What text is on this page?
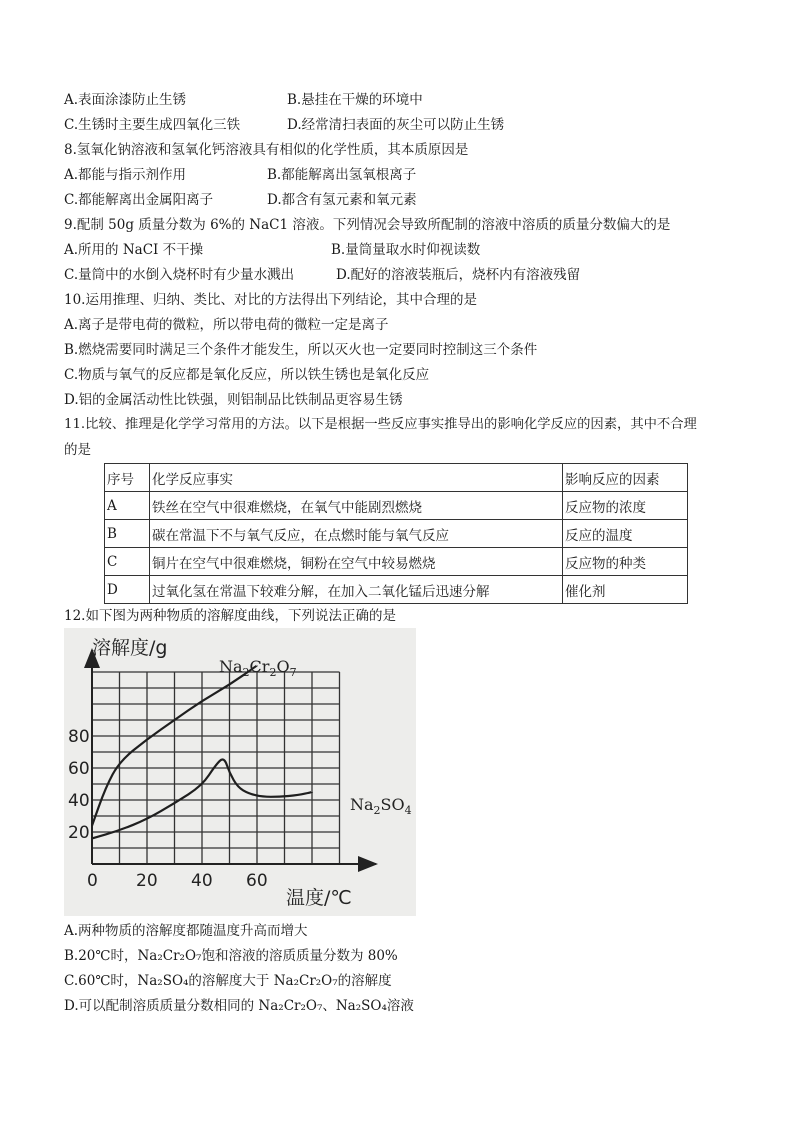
A.表面涂漆防止生锈	B.悬挂在干燥的环境中
C.生锈时主要生成四氧化三铁	D.经常清扫表面的灰尘可以防止生锈
8.氢氧化钠溶液和氢氧化钙溶液具有相似的化学性质，其本质原因是
A.都能与指示剂作用	B.都能解离出氢氧根离子
C.都能解离出金属阳离子	D.都含有氢元素和氧元素
9.配制 50g 质量分数为 6%的 NaC1 溶液。下列情况会导致所配制的溶液中溶质的质量分数偏大的是
A.所用的 NaCI 不干操	B.量筒量取水时仰视读数
C.量筒中的水倒入烧杯时有少量水溅出	D.配好的溶液装瓶后，烧杯内有溶液残留
10.运用推理、归纳、类比、对比的方法得出下列结论，其中合理的是
A.离子是带电荷的微粒，所以带电荷的微粒一定是离子
B.燃烧需要同时满足三个条件才能发生，所以灭火也一定要同时控制这三个条件
C.物质与氧气的反应都是氧化反应，所以铁生锈也是氧化反应
D.铝的金属活动性比铁强，则铝制品比铁制品更容易生锈
11.比较、推理是化学学习常用的方法。以下是根据一些反应事实推导出的影响化学反应的因素，其中不合理
的是
序号	化学反应事实	影响反应的因素
A	铁丝在空气中很难燃烧，在氧气中能剧烈燃烧	反应物的浓度
B	碳在常温下不与氧气反应，在点燃时能与氧气反应	反应的温度
C	铜片在空气中很难燃烧，铜粉在空气中较易燃烧	反应物的种类
D	过氧化氢在常温下较难分解，在加入二氧化锰后迅速分解	催化剂
12.如下图为两种物质的溶解度曲线，下列说法正确的是
0 20 40 60
20
40
60
80
溶解度/g
温度/℃
$Na_2Cr_2O_7$
$Na_2SO_4$
A.两种物质的溶解度都随温度升高而增大
B.20℃时，Na₂Cr₂O₇饱和溶液的溶质质量分数为 80%
C.60℃时，Na₂SO₄的溶解度大于 Na₂Cr₂O₇的溶解度
D.可以配制溶质质量分数相同的 Na₂Cr₂O₇、Na₂SO₄溶液
